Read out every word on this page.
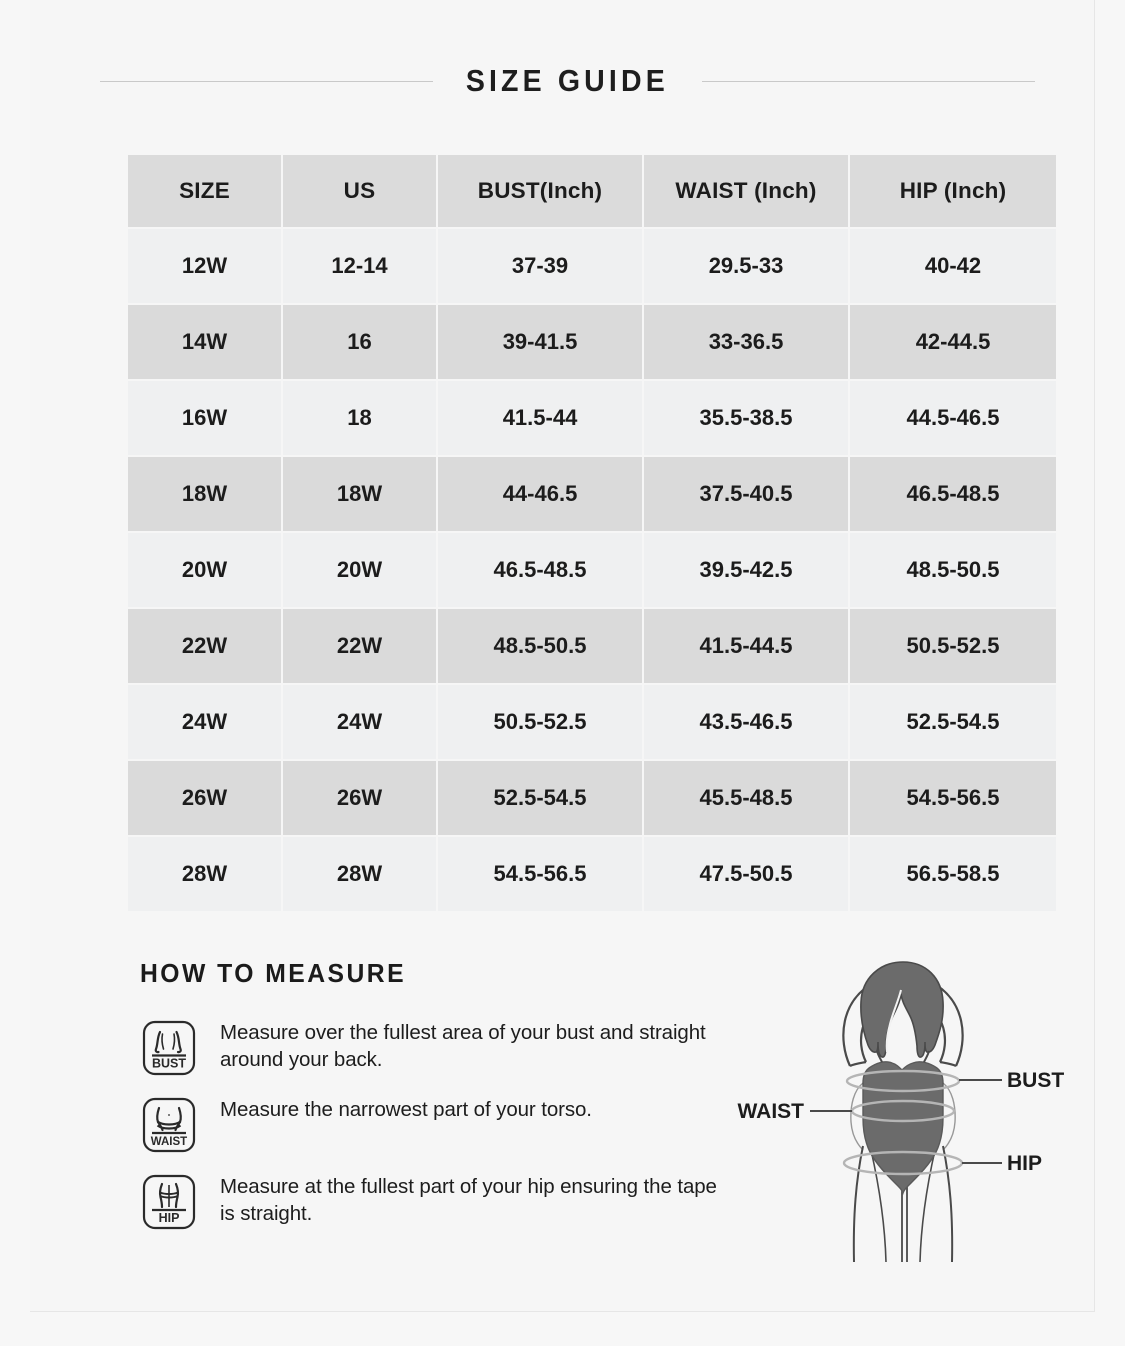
SIZE GUIDE
SIZE	US	BUST(Inch)	WAIST (Inch)	HIP (Inch)
12W	12-14	37-39	29.5-33	40-42
14W	16	39-41.5	33-36.5	42-44.5
16W	18	41.5-44	35.5-38.5	44.5-46.5
18W	18W	44-46.5	37.5-40.5	46.5-48.5
20W	20W	46.5-48.5	39.5-42.5	48.5-50.5
22W	22W	48.5-50.5	41.5-44.5	50.5-52.5
24W	24W	50.5-52.5	43.5-46.5	52.5-54.5
26W	26W	52.5-54.5	45.5-48.5	54.5-56.5
28W	28W	54.5-56.5	47.5-50.5	56.5-58.5
HOW TO MEASURE
BUST
Measure over the fullest area of your bust and straight around your back.
WAIST
Measure the narrowest part of your torso.
HIP
Measure at the fullest part of your hip ensuring the tape is straight.
BUST
WAIST
HIP
